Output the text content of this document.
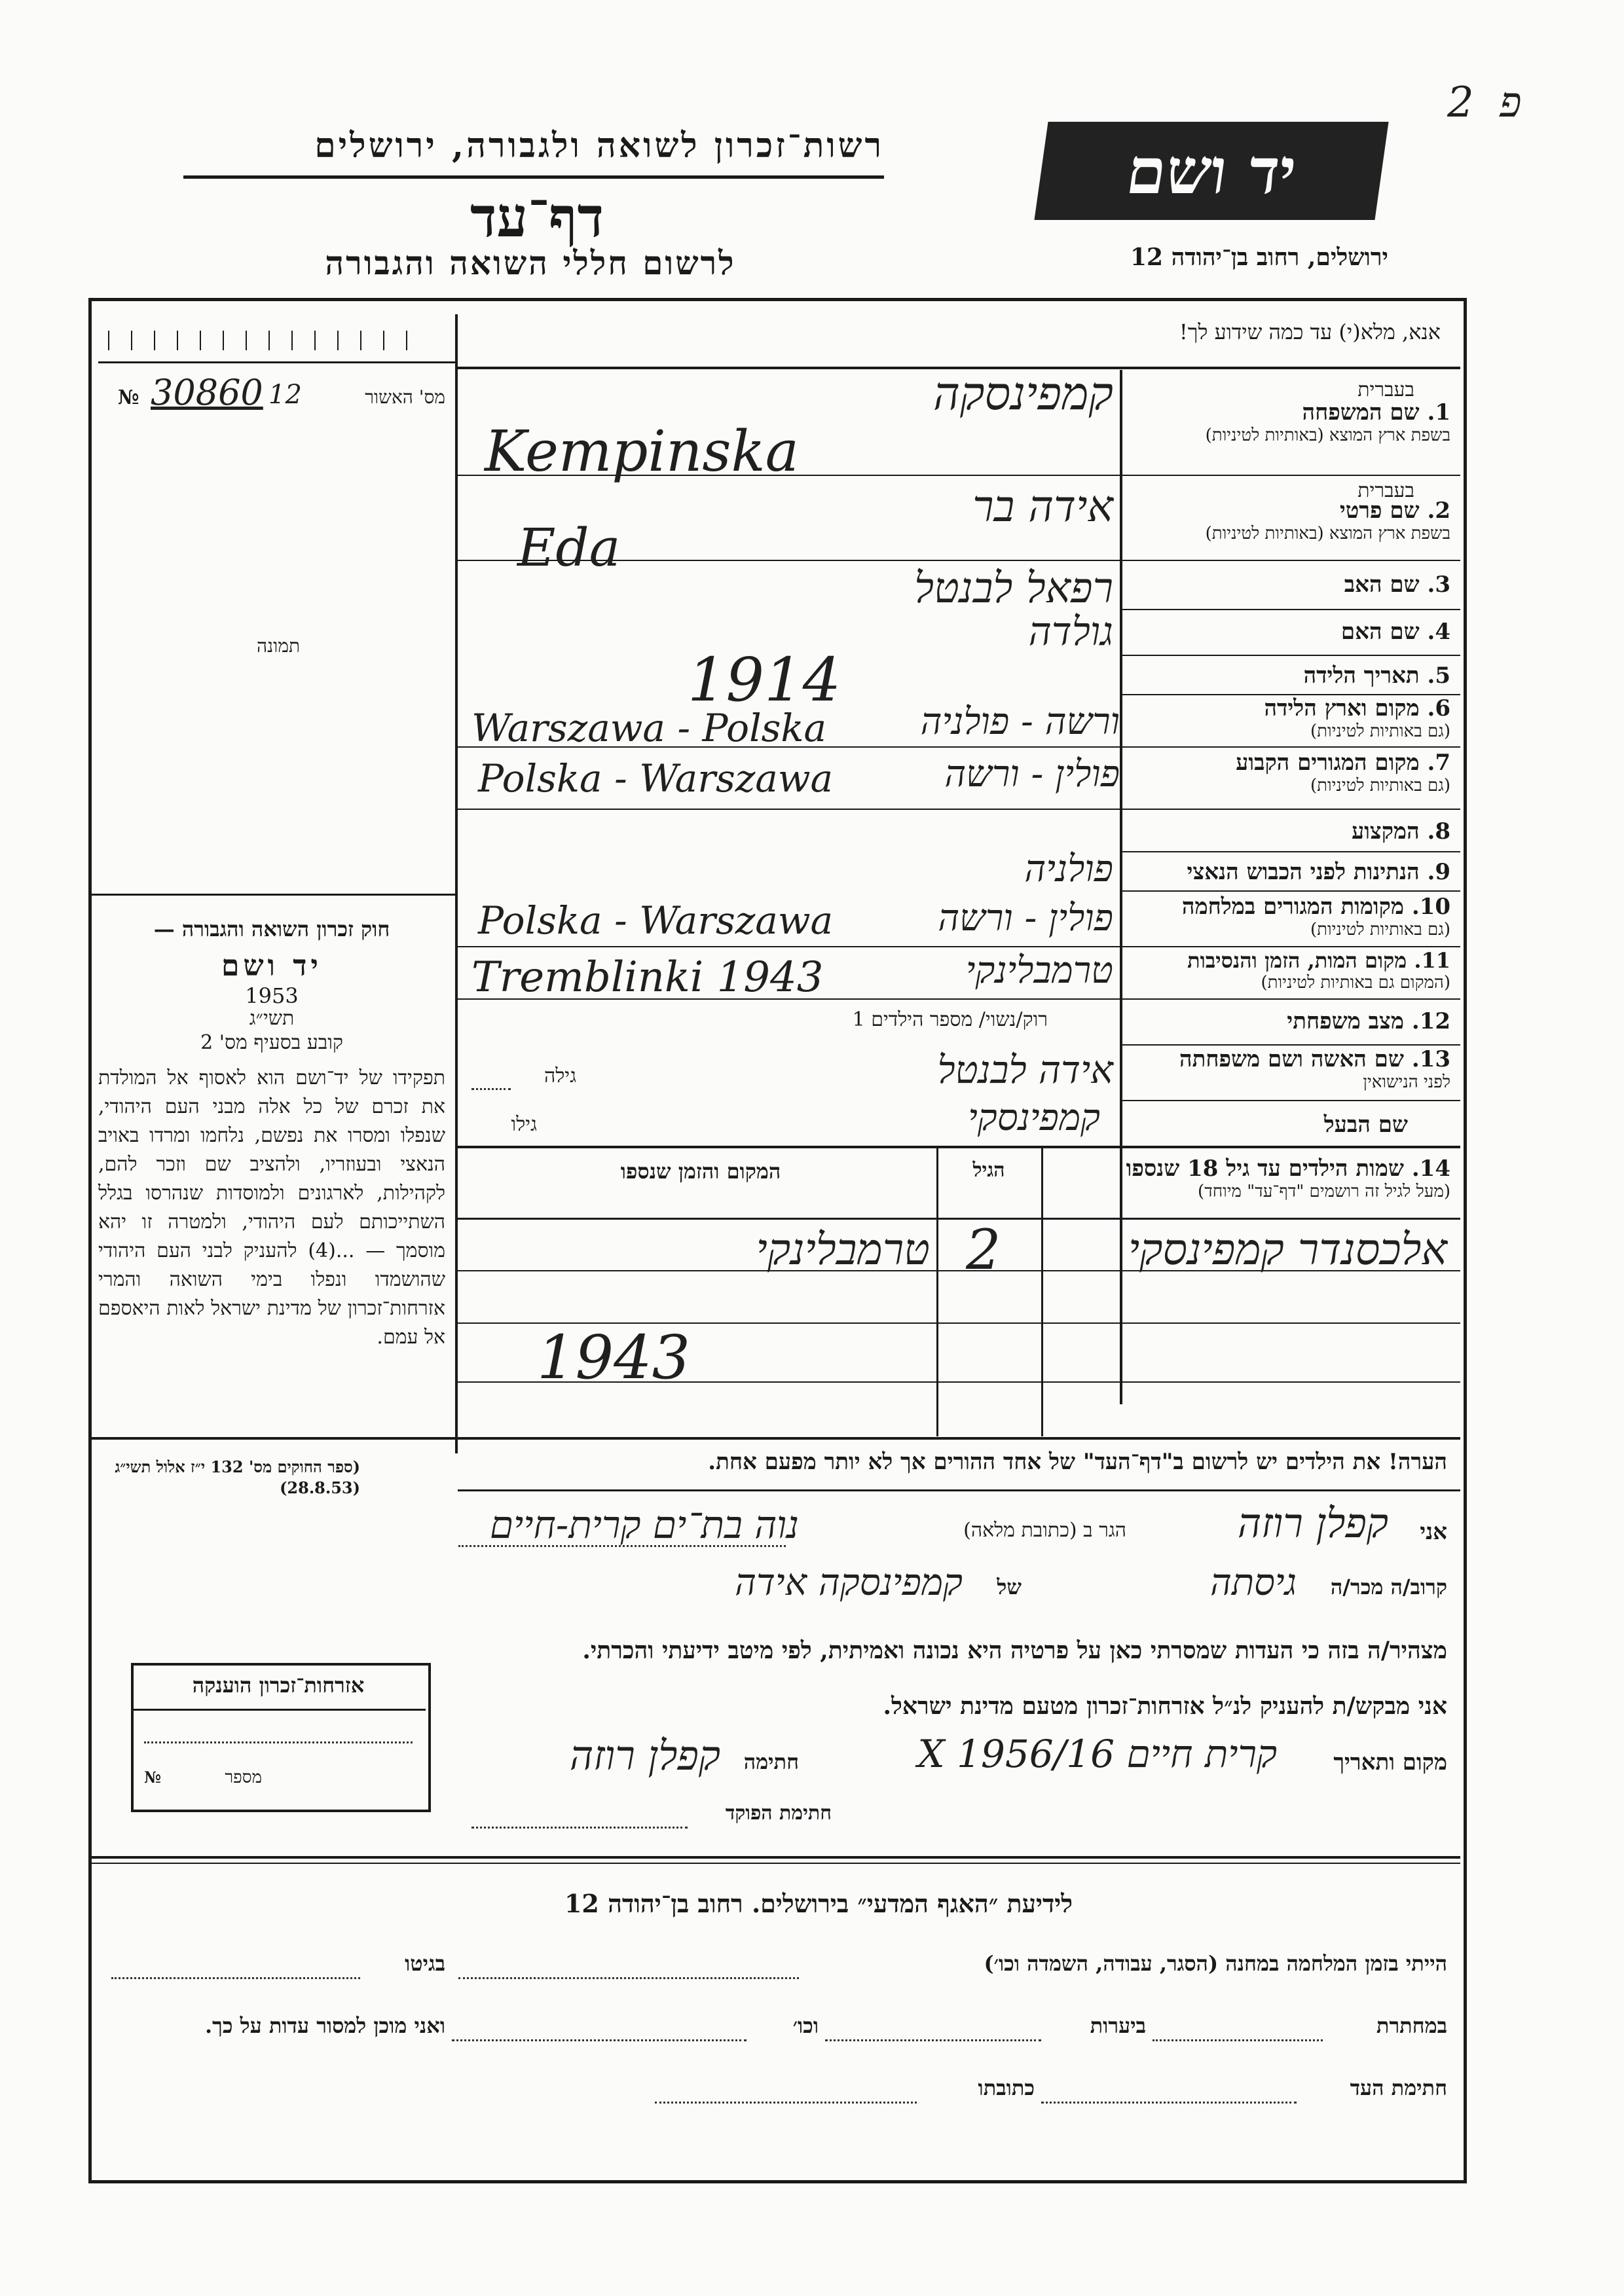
2 פ
רשות־זכרון לשואה ולגבורה, ירושלים
דף־עד
לרשום חללי השואה והגבורה
יד ושם
ירושלים, רחוב בן־יהודה 12
אנא, מלא(י) עד כמה שידוע לך!
מס' האשור
№ 30860 12
תמונה
1. שם המשפחה
בשפת ארץ המוצא (באותיות לטיניות)
בעברית
2. שם פרטי
בשפת ארץ המוצא (באותיות לטיניות)
בעברית
3. שם האב
4. שם האם
5. תאריך הלידה
6. מקום וארץ הלידה
(גם באותיות לטיניות)
7. מקום המגורים הקבוע
(גם באותיות לטיניות)
8. המקצוע
9. הנתינות לפני הכבוש הנאצי
10. מקומות המגורים במלחמה
(גם באותיות לטיניות)
11. מקום המות, הזמן והנסיבות
(המקום גם באותיות לטיניות)
12. מצב משפחתי
13. שם האשה ושם משפחתה
לפני הנישואין
שם הבעל
קמפינסקה
Kempinska
אידה בר
Eda
רפאל לבנטל
גולדה
1914
ורשה - פולניה
Warszawa - Polska
פולין - ורשה
Polska - Warszawa
פולניה
פולין - ורשה
Polska - Warszawa
טרמבלינקי
Tremblinki 1943
רוק/נשוי/ מספר הילדים 1
אידה לבנטל
גילה
קמפינסקי
גילו
14. שמות הילדים עד גיל 18 שנספו
(מעל לגיל זה רושמים "דף־עד" מיוחד)
הגיל
המקום והזמן שנספו
אלכסנדר קמפינסקי
2
טרמבלינקי
1943
הערה! את הילדים יש לרשום ב"דף־העד" של אחד ההורים אך לא יותר מפעם אחת.
חוק זכרון השואה והגבורה —
יד ושם
תשי״ג
1953
קובע בסעיף מס' 2
תפקידו של יד־ושם הוא לאסוף אל המולדת את זכרם של כל אלה מבני העם היהודי, שנפלו ומסרו את נפשם, נלחמו ומרדו באויב הנאצי ובעוזריו, ולהציב שם וזכר להם, לקהילות, לארגונים ולמוסדות שנהרסו בגלל השתייכותם לעם היהודי, ולמטרה זו יהא מוסמך — ...(4) להעניק לבני העם היהודי שהושמדו ונפלו בימי השואה והמרי אזרחות־זכרון של מדינת ישראל לאות היאספם אל עמם.
(ספר החוקים מס' 132 י״ז אלול תשי״ג (28.8.53)
אני
קפלן רוזה
הגר ב (כתובת מלאה)
נוה בת־ים קרית-חיים
קרוב/ה מכר/ה
גיסתה
של
קמפינסקה אידה
מצהיר/ה בזה כי העדות שמסרתי כאן על פרטיה היא נכונה ואמיתית, לפי מיטב ידיעתי והכרתי.
אני מבקש/ת להעניק לנ״ל אזרחות־זכרון מטעם מדינת ישראל.
מקום ותאריך
קרית חיים 16/X 1956
חתימה
קפלן רוזה
חתימת הפוקד
אזרחות־זכרון הוענקה
מספר
№
לידיעת ״האגף המדעי״ בירושלים. רחוב בן־יהודה 12
הייתי בזמן המלחמה במחנה (הסגר, עבודה, השמדה וכו׳)
בגיטו
במחתרת
ביערות
וכו׳
ואני מוכן למסור עדות על כך.
חתימת העד
כתובתו
